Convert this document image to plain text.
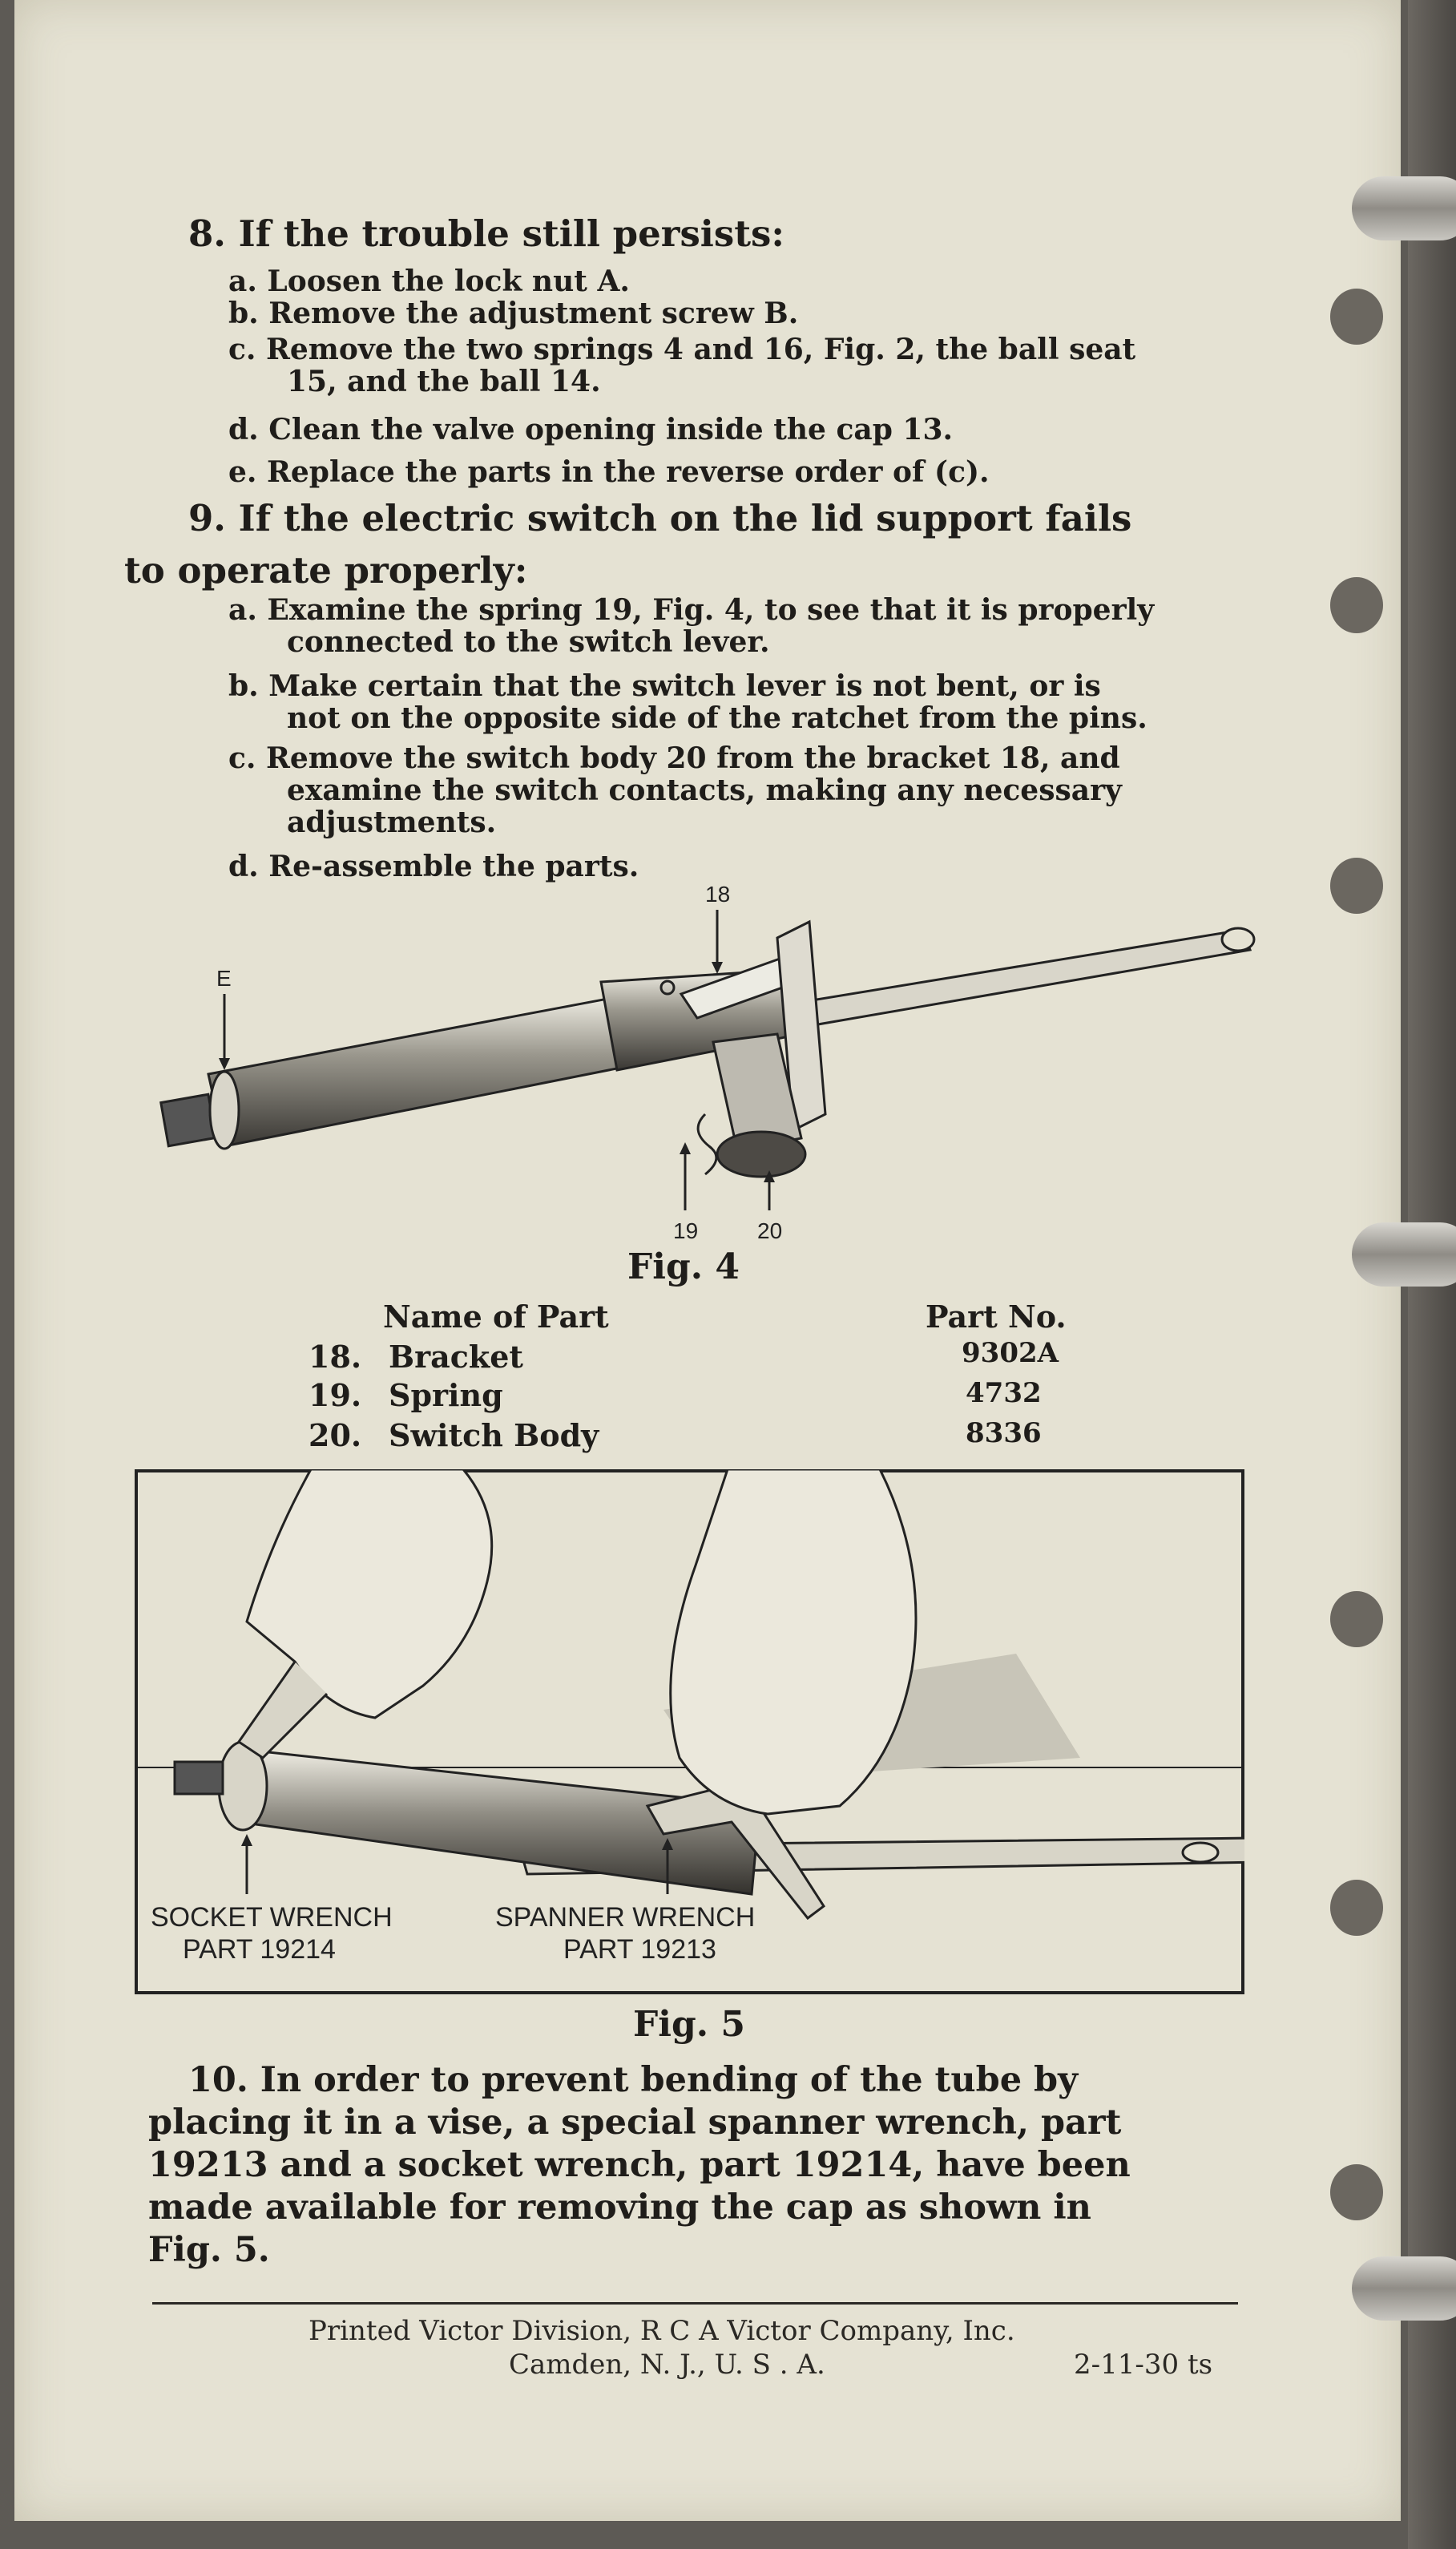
8. If the trouble still persists:
a. Loosen the lock nut A.
b. Remove the adjustment screw B.
c. Remove the two springs 4 and 16, Fig. 2, the ball seat
15, and the ball 14.
d. Clean the valve opening inside the cap 13.
e. Replace the parts in the reverse order of (c).
9. If the electric switch on the lid support fails
to operate properly:
a. Examine the spring 19, Fig. 4, to see that it is properly
connected to the switch lever.
b. Make certain that the switch lever is not bent, or is
not on the opposite side of the ratchet from the pins.
c. Remove the switch body 20 from the bracket 18, and
examine the switch contacts, making any necessary
adjustments.
d. Re-assemble the parts.
18
E
19	20
Fig. 4
Name of Part	Part No.
18. Bracket	9302A
19. Spring	4732
20. Switch Body	8336
SOCKET WRENCH
PART 19214
SPANNER WRENCH
PART 19213
Fig. 5
10. In order to prevent bending of the tube by
placing it in a vise, a special spanner wrench, part
19213 and a socket wrench, part 19214, have been
made available for removing the cap as shown in
Fig. 5.
Printed Victor Division, R C A Victor Company, Inc.
Camden, N. J., U. S . A.	2-11-30 ts
